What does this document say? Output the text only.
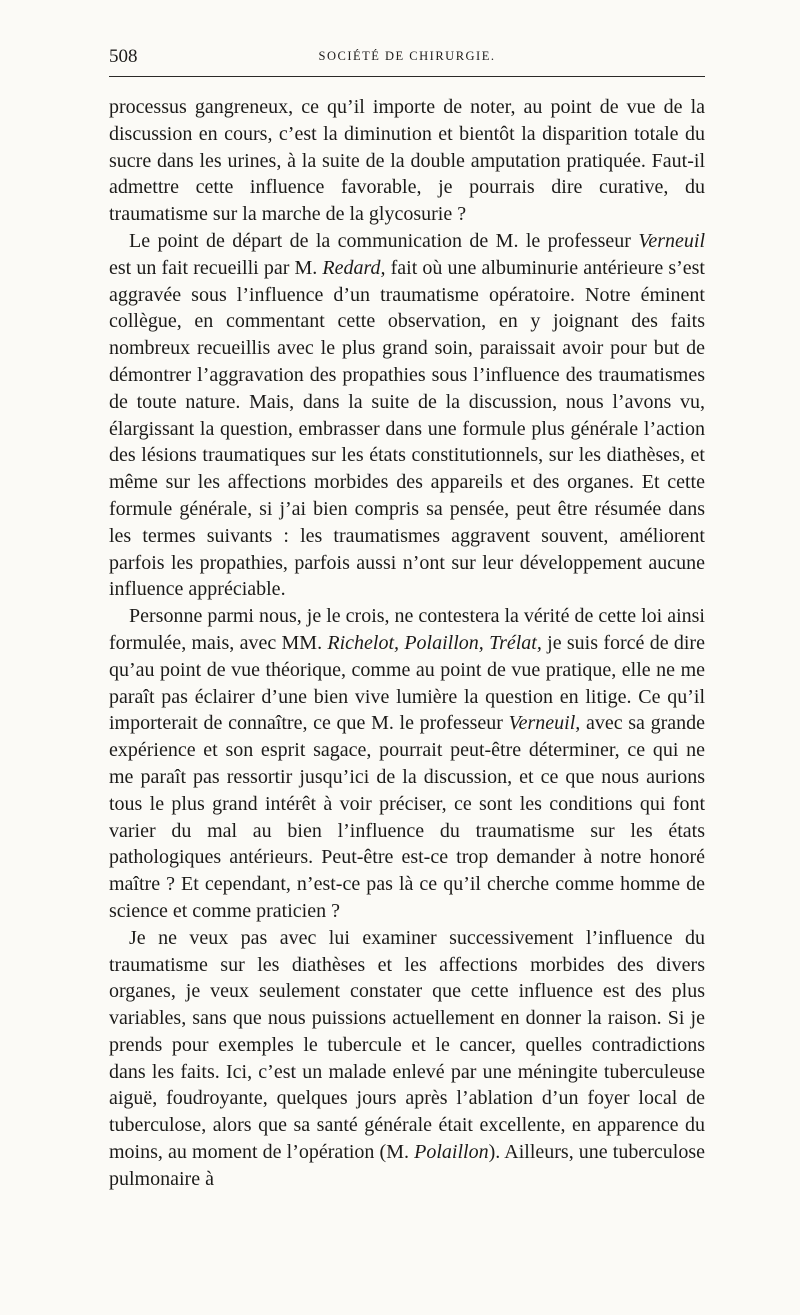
508	SOCIÉTÉ DE CHIRURGIE.

processus gangreneux, ce qu’il importe de noter, au point de vue de la discussion en cours, c’est la diminution et bientôt la disparition totale du sucre dans les urines, à la suite de la double amputation pratiquée. Faut-il admettre cette influence favorable, je pourrais dire curative, du traumatisme sur la marche de la glycosurie ?

Le point de départ de la communication de M. le professeur Verneuil est un fait recueilli par M. Redard, fait où une albuminurie antérieure s’est aggravée sous l’influence d’un traumatisme opératoire. Notre éminent collègue, en commentant cette observation, en y joignant des faits nombreux recueillis avec le plus grand soin, paraissait avoir pour but de démontrer l’aggravation des propathies sous l’influence des traumatismes de toute nature. Mais, dans la suite de la discussion, nous l’avons vu, élargissant la question, embrasser dans une formule plus générale l’action des lésions traumatiques sur les états constitutionnels, sur les diathèses, et même sur les affections morbides des appareils et des organes. Et cette formule générale, si j’ai bien compris sa pensée, peut être résumée dans les termes suivants : les traumatismes aggravent souvent, améliorent parfois les propathies, parfois aussi n’ont sur leur développement aucune influence appréciable.

Personne parmi nous, je le crois, ne contestera la vérité de cette loi ainsi formulée, mais, avec MM. Richelot, Polaillon, Trélat, je suis forcé de dire qu’au point de vue théorique, comme au point de vue pratique, elle ne me paraît pas éclairer d’une bien vive lumière la question en litige. Ce qu’il importerait de connaître, ce que M. le professeur Verneuil, avec sa grande expérience et son esprit sagace, pourrait peut-être déterminer, ce qui ne me paraît pas ressortir jusqu’ici de la discussion, et ce que nous aurions tous le plus grand intérêt à voir préciser, ce sont les conditions qui font varier du mal au bien l’influence du traumatisme sur les états pathologiques antérieurs. Peut-être est-ce trop demander à notre honoré maître ? Et cependant, n’est-ce pas là ce qu’il cherche comme homme de science et comme praticien ?

Je ne veux pas avec lui examiner successivement l’influence du traumatisme sur les diathèses et les affections morbides des divers organes, je veux seulement constater que cette influence est des plus variables, sans que nous puissions actuellement en donner la raison. Si je prends pour exemples le tubercule et le cancer, quelles contradictions dans les faits. Ici, c’est un malade enlevé par une méningite tuberculeuse aiguë, foudroyante, quelques jours après l’ablation d’un foyer local de tuberculose, alors que sa santé générale était excellente, en apparence du moins, au moment de l’opération (M. Polaillon). Ailleurs, une tuberculose pulmonaire à
